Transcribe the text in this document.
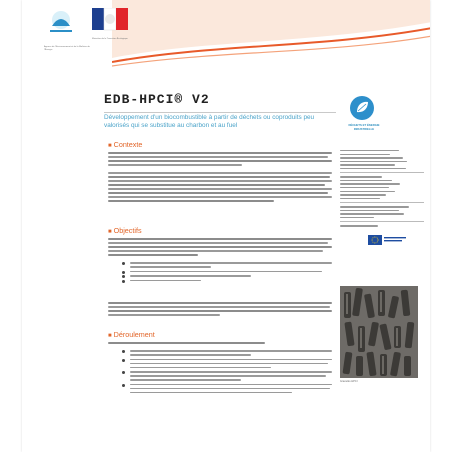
Agence de l'Environnement et de la Maîtrise de l'Énergie
Ministère de la Transition Écologique
EDB-HPCI® V2
Développement d'un biocombustible à partir de déchets ou coproduits peu valorisés qui se substitue au charbon et au fuel	DÉCHETS ET ÉNERGIE INDUSTRIELLE
■ Contexte
■ Objectifs
■ Déroulement
Granulés HPCI
